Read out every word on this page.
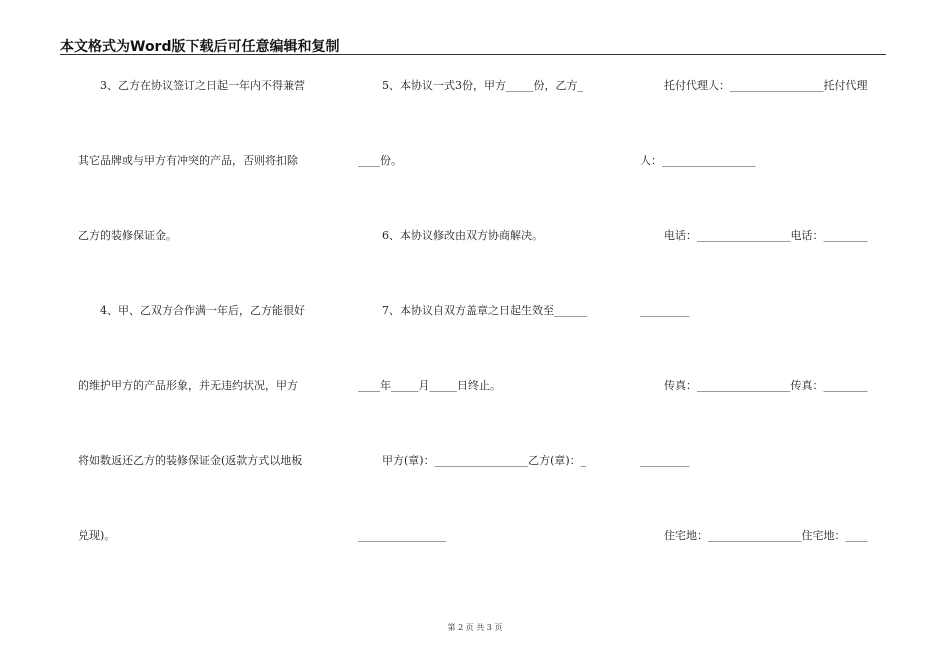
本文格式为Word版下载后可任意编辑和复制
3、乙方在协议签订之日起一年内不得兼营
其它品牌或与甲方有冲突的产品，否则将扣除
乙方的装修保证金。
4、甲、乙双方合作满一年后，乙方能很好
的维护甲方的产品形象，并无违约状况，甲方
将如数返还乙方的装修保证金(返款方式以地板
兑现)。
5、本协议一式3份，甲方_____份，乙方_
____份。
6、本协议修改由双方协商解决。
7、本协议自双方盖章之日起生效至______
____年_____月_____日终止。
甲方(章)：_________________乙方(章)：_
________________
托付代理人：_________________托付代理
人：_________________
电话：_________________电话：________
_________
传真：_________________传真：________
_________
住宅地：_________________住宅地：____
第 2 页 共 3 页
